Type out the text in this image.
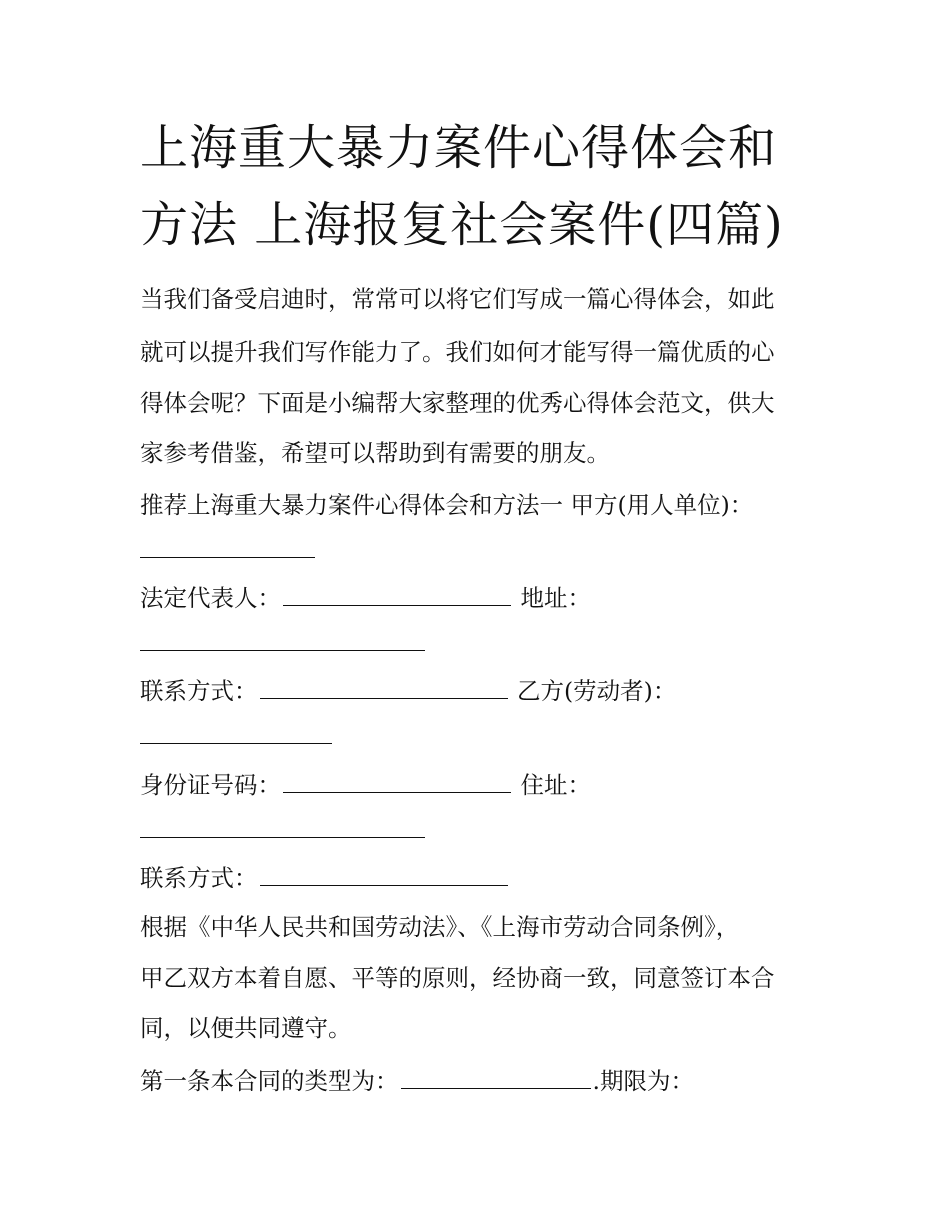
上海重大暴力案件心得体会和
方法 上海报复社会案件(四篇)
当我们备受启迪时，常常可以将它们写成一篇心得体会，如此
就可以提升我们写作能力了。我们如何才能写得一篇优质的心
得体会呢？下面是小编帮大家整理的优秀心得体会范文，供大
家参考借鉴，希望可以帮助到有需要的朋友。
推荐上海重大暴力案件心得体会和方法一 甲方(用人单位)：
法定代表人：	地址：
联系方式：	乙方(劳动者)：
身份证号码：	住址：
联系方式：
根据《中华人民共和国劳动法》、《上海市劳动合同条例》，
甲乙双方本着自愿、平等的原则，经协商一致，同意签订本合
同，以便共同遵守。
第一条本合同的类型为：	.期限为：
